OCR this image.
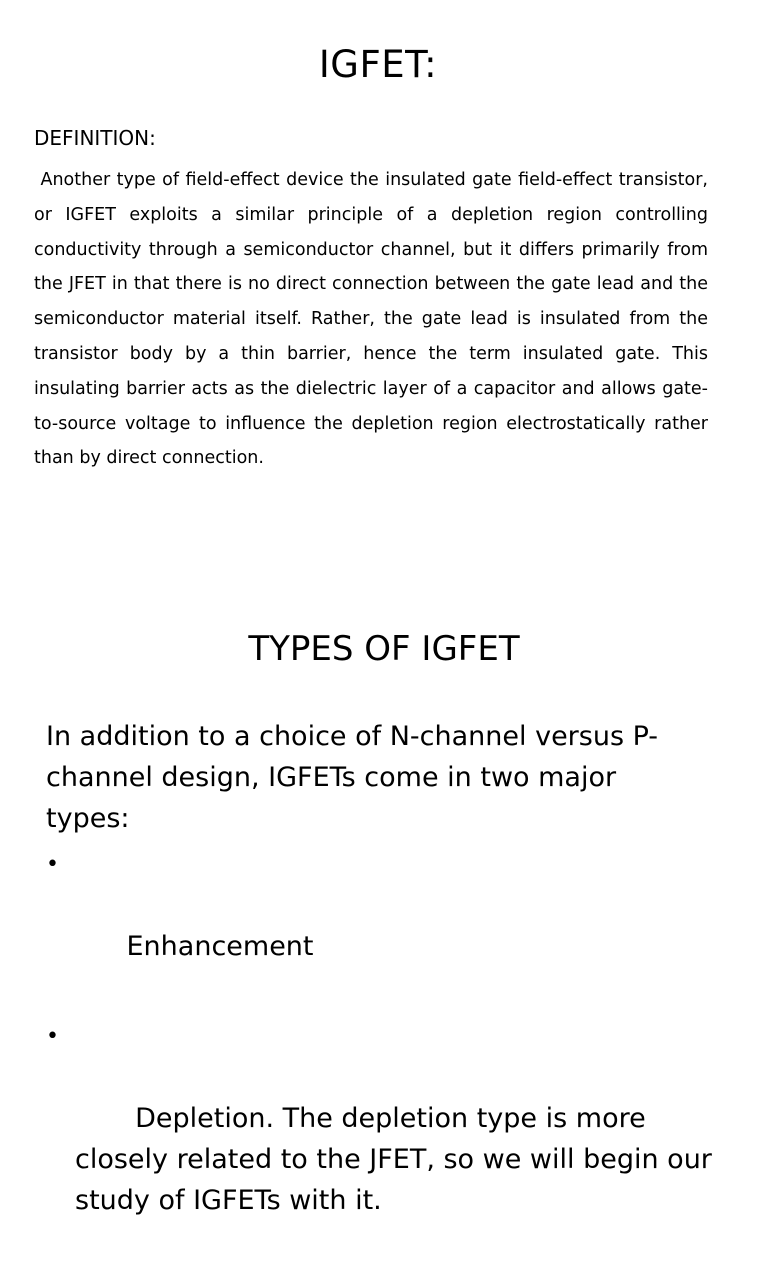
IGFET:
DEFINITION:
Another type of field-effect device the insulated gate field-effect transistor, or IGFET exploits a similar principle of a depletion region controlling conductivity through a semiconductor channel, but it differs primarily from the JFET in that there is no direct connection between the gate lead and the semiconductor material itself. Rather, the gate lead is insulated from the transistor body by a thin barrier, hence the term insulated gate. This insulating barrier acts as the dielectric layer of a capacitor and allows gate-to-source voltage to influence the depletion region electrostatically rather than by direct connection.
TYPES OF IGFET
In addition to a choice of N-channel versus P-channel design, IGFETs come in two major types:

•

Enhancement

•

Depletion. The depletion type is more closely related to the JFET, so we will begin our study of IGFETs with it.
